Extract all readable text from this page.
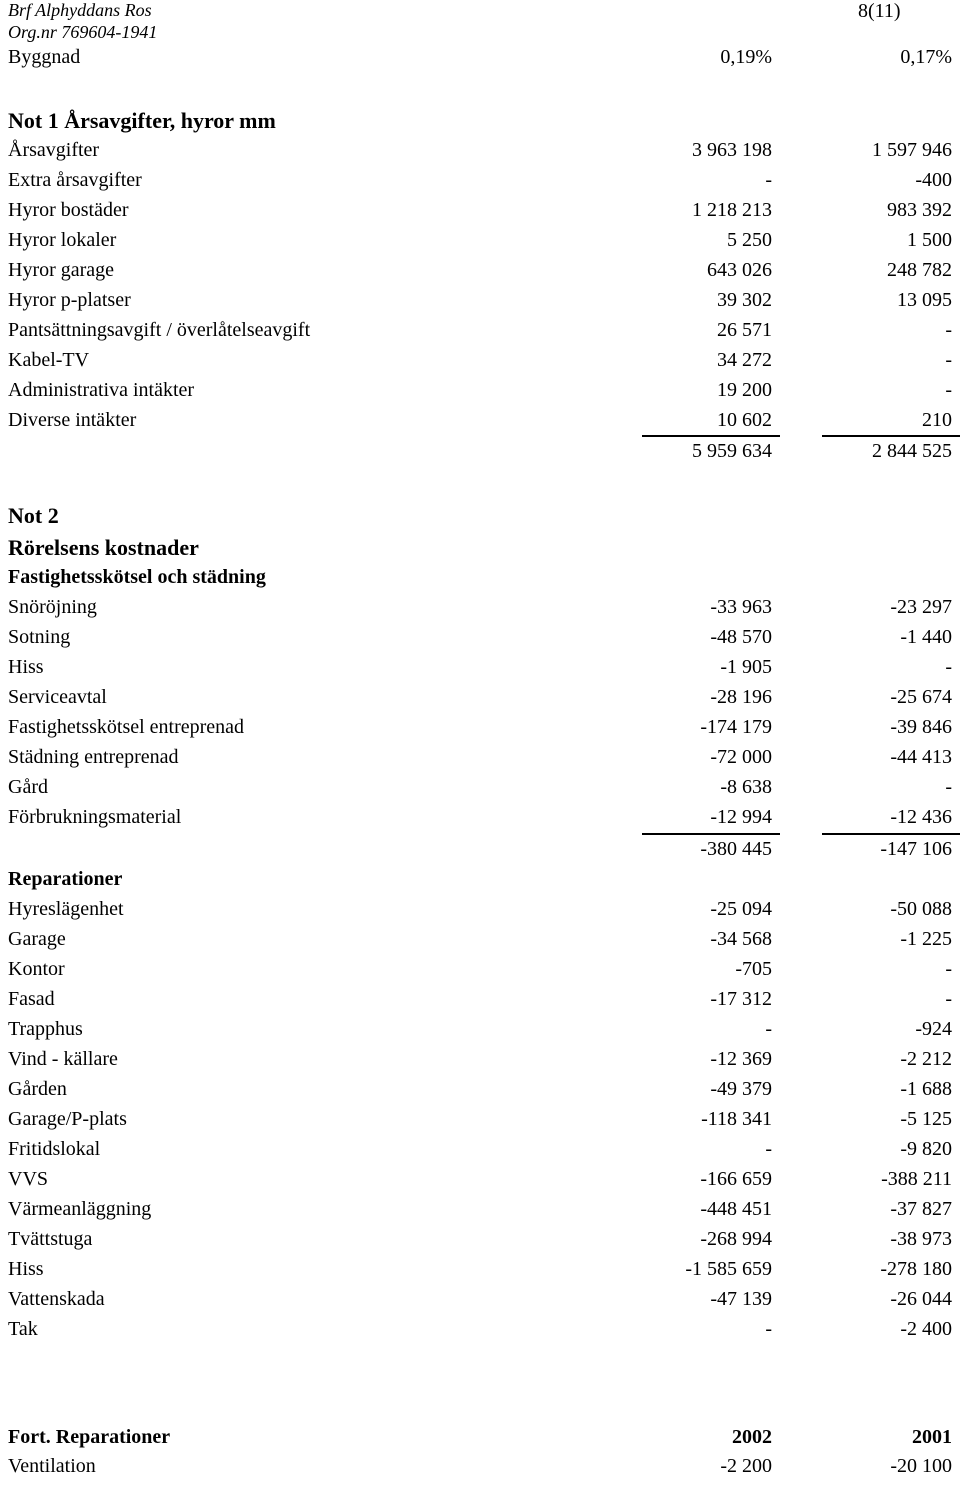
Brf Alphyddans Ros
Org.nr 769604-1941
8(11)
Byggnad	0,19%	0,17%
Not 1 Årsavgifter, hyror mm
Årsavgifter	3 963 198	1 597 946
Extra årsavgifter	-	-400
Hyror bostäder	1 218 213	983 392
Hyror lokaler	5 250	1 500
Hyror garage	643 026	248 782
Hyror p-platser	39 302	13 095
Pantsättningsavgift / överlåtelseavgift	26 571	-
Kabel-TV	34 272	-
Administrativa intäkter	19 200	-
Diverse intäkter	10 602	210
5 959 634	2 844 525
Not 2
Rörelsens kostnader
Fastighetsskötsel och städning
Snöröjning	-33 963	-23 297
Sotning	-48 570	-1 440
Hiss	-1 905	-
Serviceavtal	-28 196	-25 674
Fastighetsskötsel entreprenad	-174 179	-39 846
Städning entreprenad	-72 000	-44 413
Gård	-8 638	-
Förbrukningsmaterial	-12 994	-12 436
-380 445	-147 106
Reparationer
Hyreslägenhet	-25 094	-50 088
Garage	-34 568	-1 225
Kontor	-705	-
Fasad	-17 312	-
Trapphus	-	-924
Vind - källare	-12 369	-2 212
Gården	-49 379	-1 688
Garage/P-plats	-118 341	-5 125
Fritidslokal	-	-9 820
VVS	-166 659	-388 211
Värmeanläggning	-448 451	-37 827
Tvättstuga	-268 994	-38 973
Hiss	-1 585 659	-278 180
Vattenskada	-47 139	-26 044
Tak	-	-2 400
Fort. Reparationer	2002	2001
Ventilation	-2 200	-20 100
